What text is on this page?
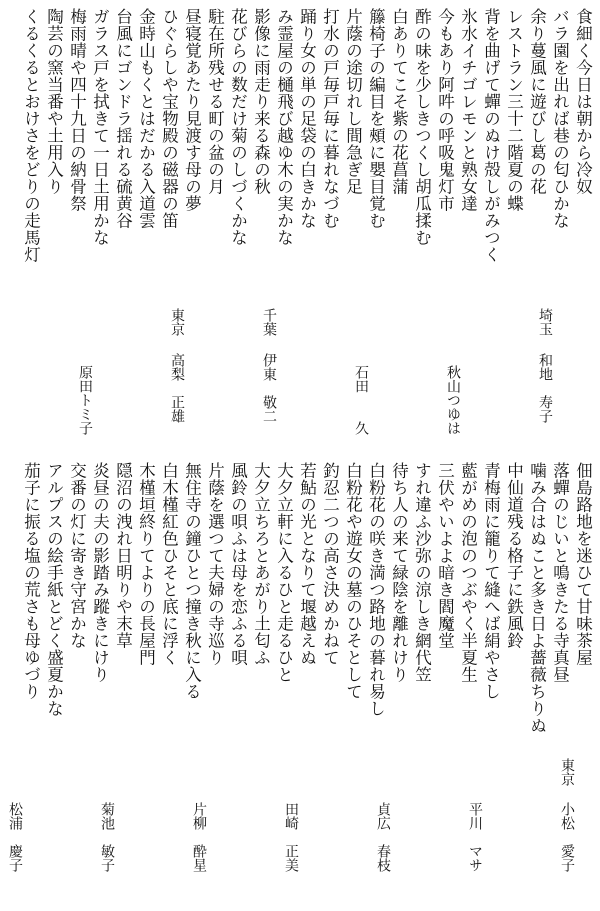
食細く今日は朝から冷奴
バラ園を出れば巷の匂ひかな
余り蔓風に遊びし葛の花
レストラン三十二階夏の蝶
背を曲げて蟬のぬけ殻しがみつく
氷水イチゴレモンと熟女達
今もあり阿吽の呼吸鬼灯市
酢の味を少しきつくし胡瓜揉む
白ありてこそ紫の花菖蒲
籐椅子の編目を頰に嬰目覚む
片蔭の途切れし間急ぎ足
打水の戸毎戸毎に暮れなづむ
踊り女の単の足袋の白きかな
み霊屋の樋飛び越ゆ木の実かな
影像に雨走り来る森の秋
花びらの数だけ菊のしづくかな
駐在所残せる町の盆の月
昼寝覚あたり見渡す母の夢
ひぐらしや宝物殿の磁器の笛
金時山もくとはだかる入道雲
台風にゴンドラ揺れる硫黄谷
ガラス戸を拭きて一日土用かな
梅雨晴や四十九日の納骨祭
陶芸の窯当番や土用入り
くるくるとおけさをどりの走馬灯
埼玉
和地　寿子
秋山つゆは
石田　　久
千葉
伊東　敬二
東京
高梨　正雄
原田トミ子
佃島路地を迷ひて甘味茶屋
落蟬のじいと鳴きたる寺真昼
噛み合はぬこと多き日よ薔薇ちりぬ
中仙道残る格子に鉄風鈴
青梅雨に籠りて縫へば絹やさし
藍がめの泡のつぶやく半夏生
三伏やいよよ暗き閻魔堂
すれ違ふ沙弥の涼しき網代笠
待ち人の来て緑陰を離れけり
白粉花の咲き満つ路地の暮れ易し
白粉花や遊女の墓のひそとして
釣忍二つの高さ決めかねて
若鮎の光となりて堰越えぬ
大夕立軒に入るひと走るひと
大夕立ちろとあがり土匂ふ
風鈴の唄ふは母を恋ふる唄
片蔭を選つて夫婦の寺巡り
無住寺の鐘ひとつ撞き秋に入る
白木槿紅色ひそと底に浮く
木槿垣終りてよりの長屋門
隠沼の洩れ日明りや末草
炎昼の夫の影踏み蹤きにけり
交番の灯に寄き守宮かな
アルプスの絵手紙とどく盛夏かな
茄子に振る塩の荒さも母ゆづり
東京
小松　愛子
平川　マサ
貞広　春枝
田崎　正美
片柳　酔星
菊池　敏子
松浦　慶子
